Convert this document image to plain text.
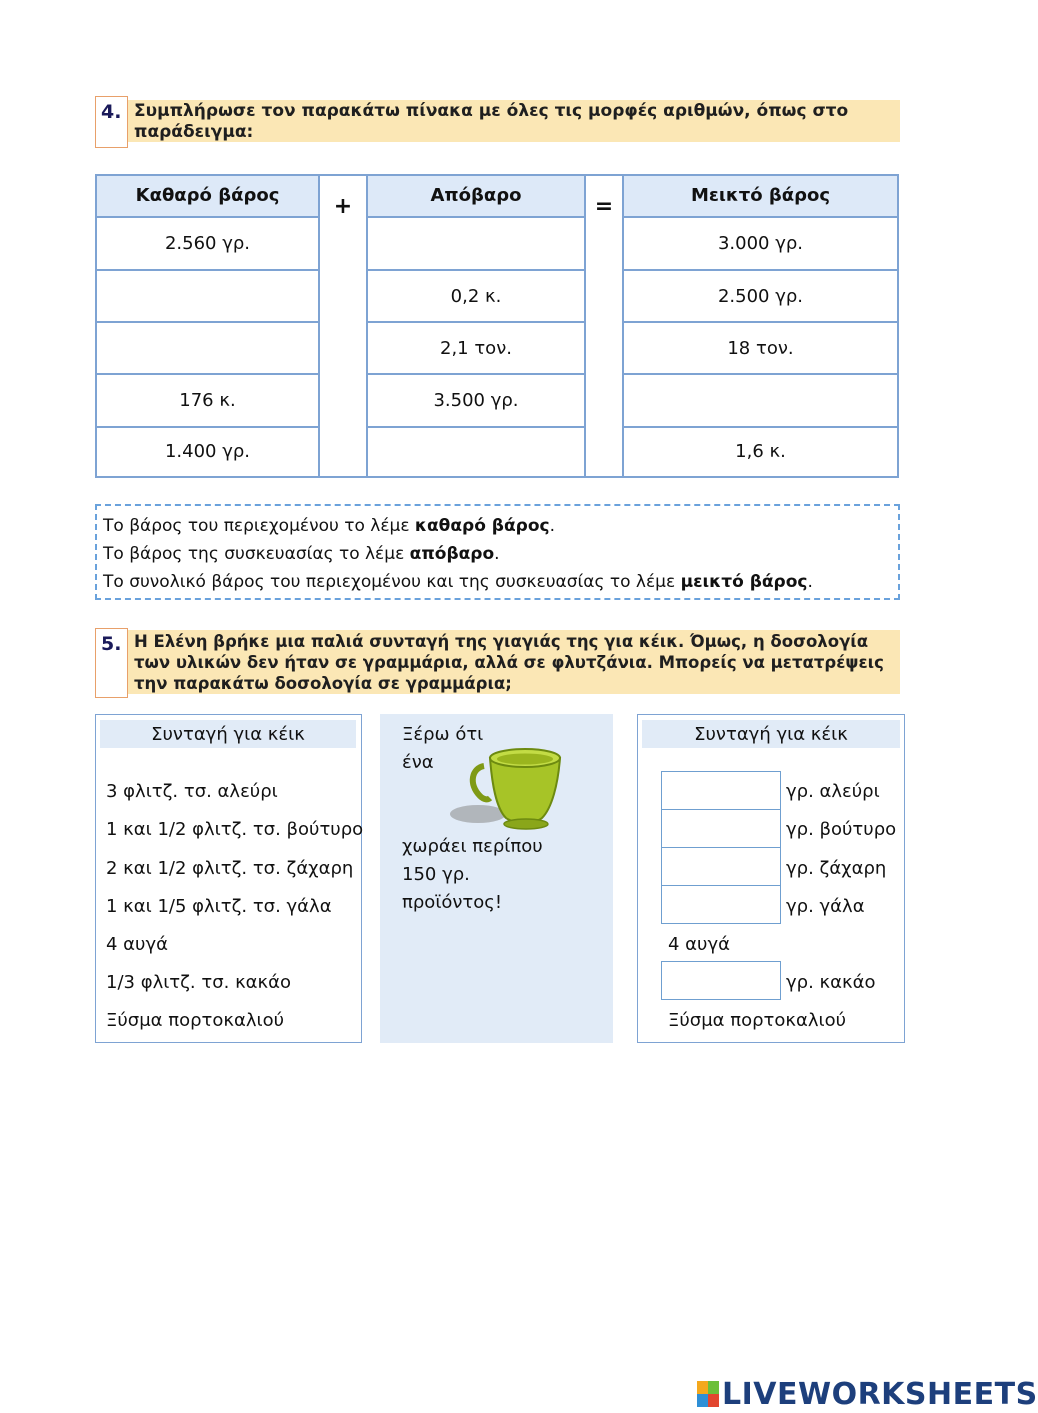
4. Συμπλήρωσε τον παρακάτω πίνακα με όλες τις μορφές αριθμών, όπως στο παράδειγμα:
Καθαρό βάρος
2.560 γρ.
176 κ.
1.400 γρ.
+	Απόβαρο
0,2 κ.
2,1 τον.
3.500 γρ.
=	Μεικτό βάρος
3.000 γρ.
2.500 γρ.
18 τον.
1,6 κ.
Το βάρος του περιεχομένου το λέμε καθαρό βάρος.
Το βάρος της συσκευασίας το λέμε απόβαρο.
Το συνολικό βάρος του περιεχομένου και της συσκευασίας το λέμε μεικτό βάρος.
5. Η Ελένη βρήκε μια παλιά συνταγή της γιαγιάς της για κέικ. Όμως, η δοσολογία
των υλικών δεν ήταν σε γραμμάρια, αλλά σε φλυτζάνια. Μπορείς να μετατρέψεις
την παρακάτω δοσολογία σε γραμμάρια;
Συνταγή για κέικ
3 φλιτζ. τσ. αλεύρι
1 και 1/2 φλιτζ. τσ. βούτυρο
2 και 1/2 φλιτζ. τσ. ζάχαρη
1 και 1/5 φλιτζ. τσ. γάλα
4 αυγά
1/3 φλιτζ. τσ. κακάο
Ξύσμα πορτοκαλιού
Ξέρω ότι
ένα
χωράει περίπου
150 γρ.
προϊόντος!
Συνταγή για κέικ
γρ. αλεύρι
γρ. βούτυρο
γρ. ζάχαρη
γρ. γάλα
4 αυγά
γρ. κακάο
Ξύσμα πορτοκαλιού
LIVEWORKSHEETS
